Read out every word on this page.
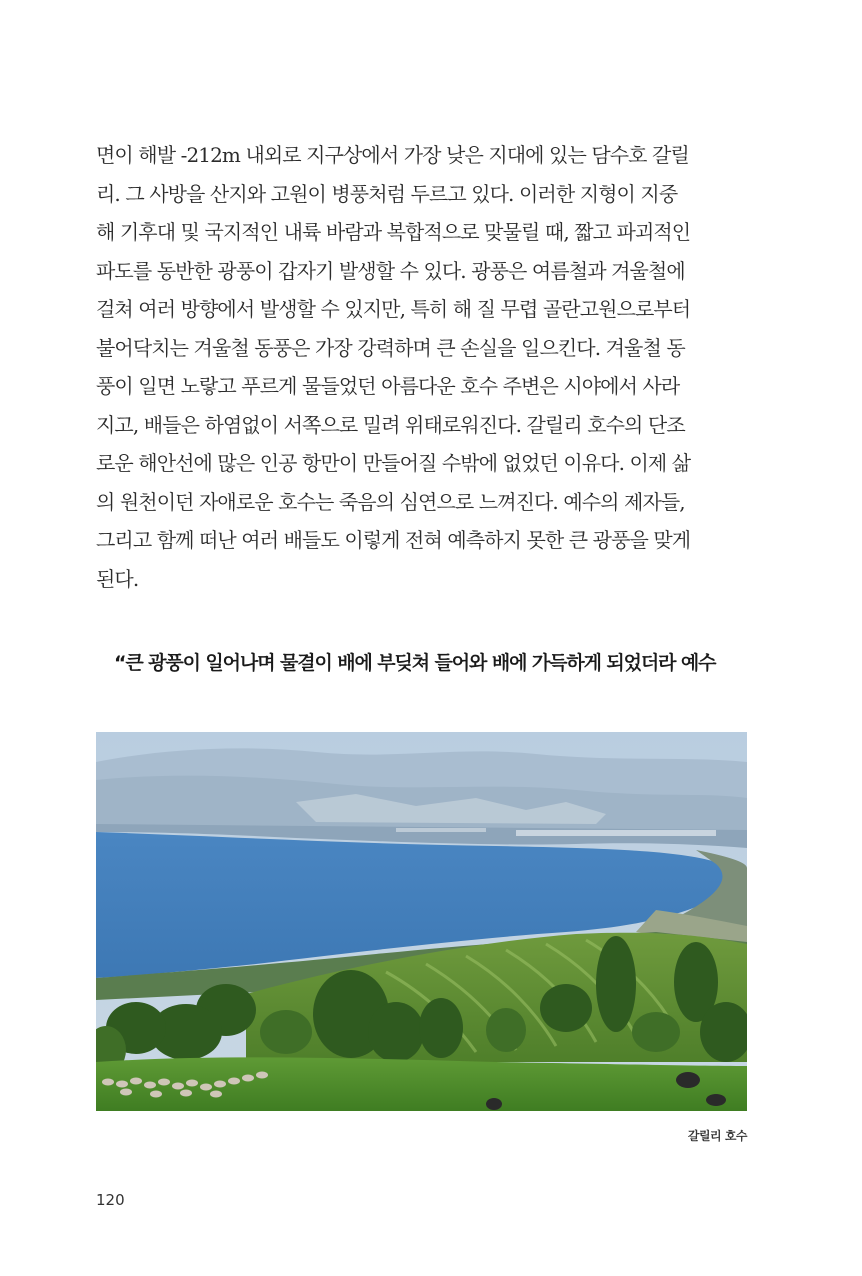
면이 해발 -212m 내외로 지구상에서 가장 낮은 지대에 있는 담수호 갈릴
리. 그 사방을 산지와 고원이 병풍처럼 두르고 있다. 이러한 지형이 지중
해 기후대 및 국지적인 내륙 바람과 복합적으로 맞물릴 때, 짧고 파괴적인
파도를 동반한 광풍이 갑자기 발생할 수 있다. 광풍은 여름철과 겨울철에
걸쳐 여러 방향에서 발생할 수 있지만, 특히 해 질 무렵 골란고원으로부터
불어닥치는 겨울철 동풍은 가장 강력하며 큰 손실을 일으킨다. 겨울철 동
풍이 일면 노랗고 푸르게 물들었던 아름다운 호수 주변은 시야에서 사라
지고, 배들은 하염없이 서쪽으로 밀려 위태로워진다. 갈릴리 호수의 단조
로운 해안선에 많은 인공 항만이 만들어질 수밖에 없었던 이유다. 이제 삶
의 원천이던 자애로운 호수는 죽음의 심연으로 느껴진다. 예수의 제자들,
그리고 함께 떠난 여러 배들도 이렇게 전혀 예측하지 못한 큰 광풍을 맞게
된다.
“큰 광풍이 일어나며 물결이 배에 부딪쳐 들어와 배에 가득하게 되었더라 예수
갈릴리 호수
120
